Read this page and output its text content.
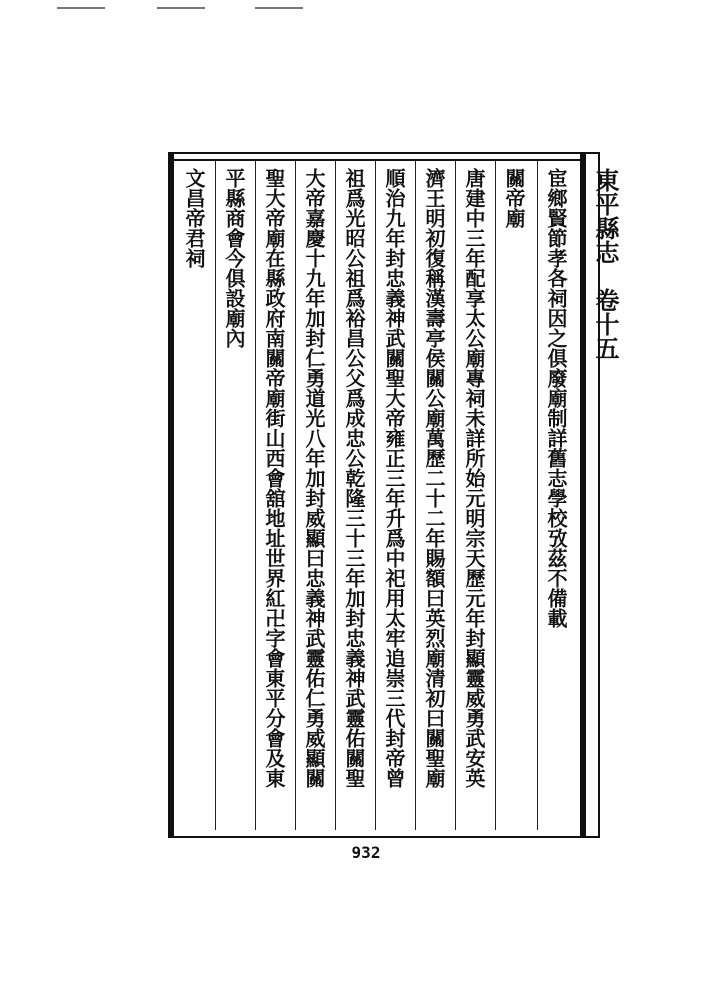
東平縣志　卷十五
宦鄉賢節孝各祠因之俱廢廟制詳舊志學校攷茲不備載
關帝廟
唐建中三年配享太公廟專祠未詳所始元明宗天歷元年封顯靈威勇武安英
濟王明初復稱漢壽亭侯關公廟萬歷二十二年賜額曰英烈廟清初曰關聖廟
順治九年封忠義神武關聖大帝雍正三年升爲中祀用太牢追崇三代封帝曾
祖爲光昭公祖爲裕昌公父爲成忠公乾隆三十三年加封忠義神武靈佑關聖
大帝嘉慶十九年加封仁勇道光八年加封威顯曰忠義神武靈佑仁勇威顯關
聖大帝廟在縣政府南關帝廟街山西會舘地址世界紅卍字會東平分會及東
平縣商會今俱設廟內
文昌帝君祠
932
